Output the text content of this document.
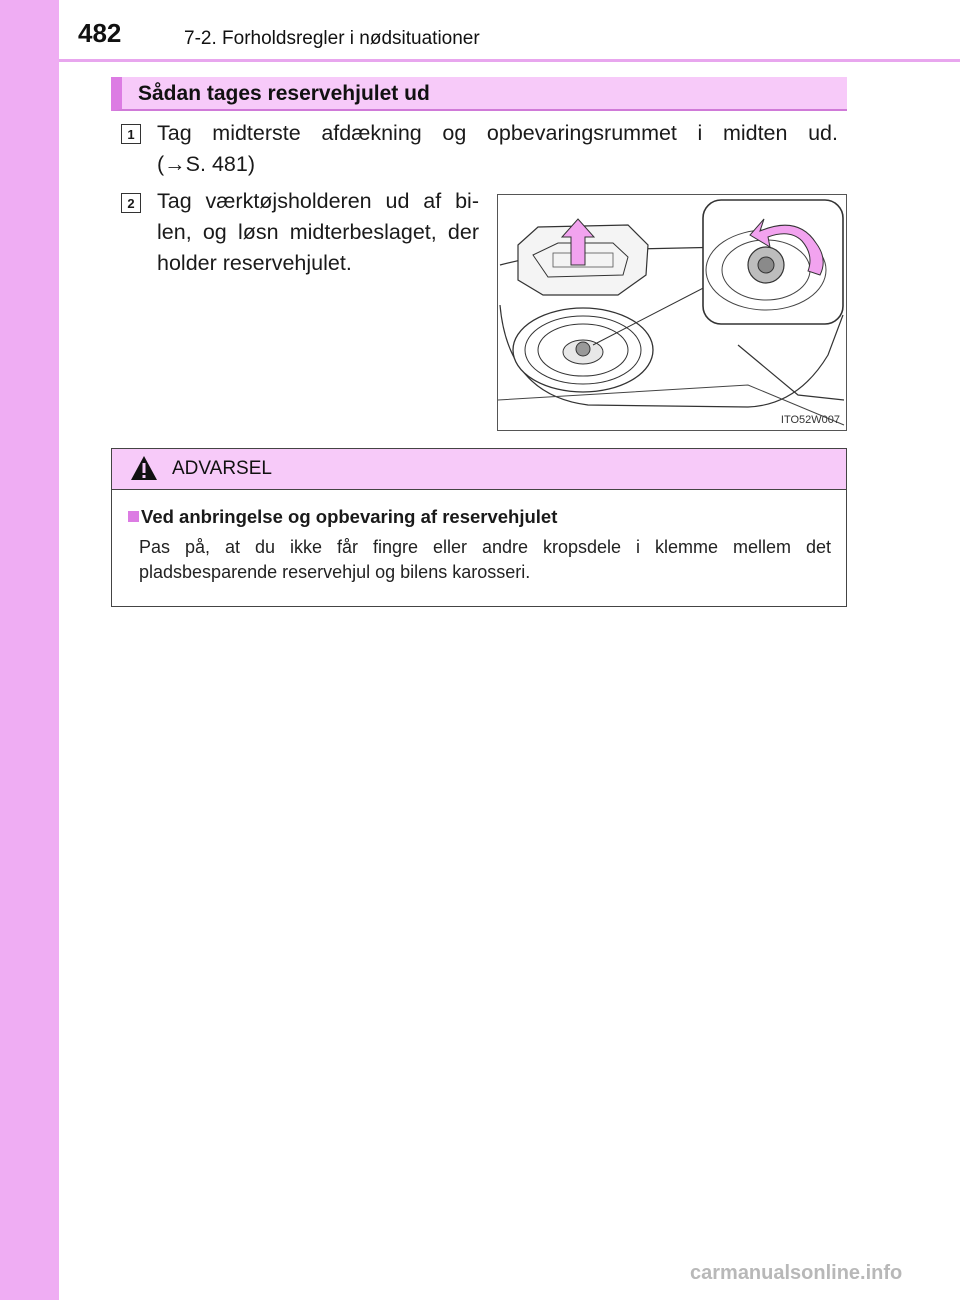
482	7-2. Forholdsregler i nødsituationer
Sådan tages reservehjulet ud
1 Tag midterste afdækning og opbevaringsrummet i midten ud.
(→S. 481)
2 Tag værktøjsholderen ud af bi-len, og løsn midterbeslaget, der holder reservehjulet.
ITO52W007
ADVARSEL
Ved anbringelse og opbevaring af reservehjulet
Pas på, at du ikke får fingre eller andre kropsdele i klemme mellem det pladsbesparende reservehjul og bilens karosseri.
carmanualsonline.info
